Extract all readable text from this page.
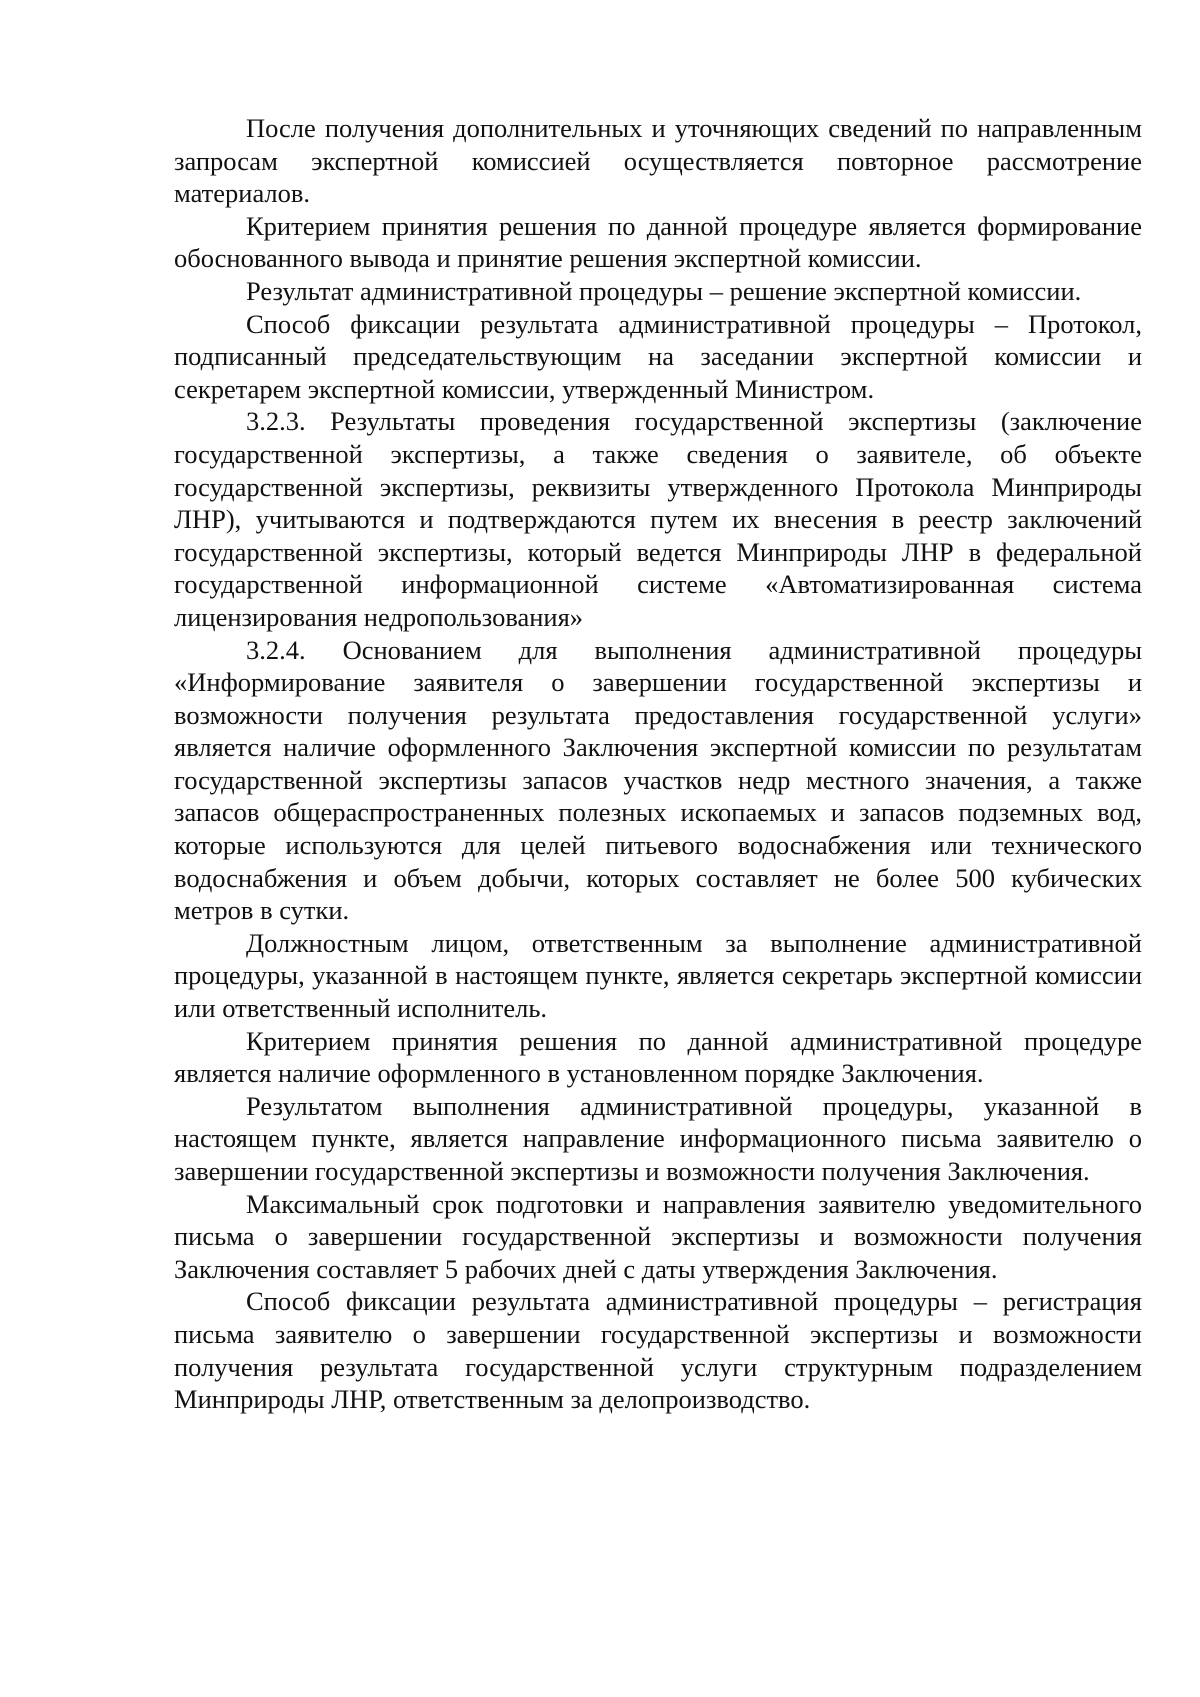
После получения дополнительных и уточняющих сведений по направленным запросам экспертной комиссией осуществляется повторное рассмотрение материалов.

Критерием принятия решения по данной процедуре является формирование обоснованного вывода и принятие решения экспертной комиссии.

Результат административной процедуры – решение экспертной комиссии.

Способ фиксации результата административной процедуры – Протокол, подписанный председательствующим на заседании экспертной комиссии и секретарем экспертной комиссии, утвержденный Министром.

3.2.3. Результаты проведения государственной экспертизы (заключение государственной экспертизы, а также сведения о заявителе, об объекте государственной экспертизы, реквизиты утвержденного Протокола Минприроды ЛНР), учитываются и подтверждаются путем их внесения в реестр заключений государственной экспертизы, который ведется Минприроды ЛНР в федеральной государственной информационной системе «Автоматизированная система лицензирования недропользования»

3.2.4. Основанием для выполнения административной процедуры «Информирование заявителя о завершении государственной экспертизы и возможности получения результата предоставления государственной услуги» является наличие оформленного Заключения экспертной комиссии по результатам государственной экспертизы запасов участков недр местного значения, а также запасов общераспространенных полезных ископаемых и запасов подземных вод, которые используются для целей питьевого водоснабжения или технического водоснабжения и объем добычи, которых составляет не более 500 кубических метров в сутки.

Должностным лицом, ответственным за выполнение административной процедуры, указанной в настоящем пункте, является секретарь экспертной комиссии или ответственный исполнитель.

Критерием принятия решения по данной административной процедуре является наличие оформленного в установленном порядке Заключения.

Результатом выполнения административной процедуры, указанной в настоящем пункте, является направление информационного письма заявителю о завершении государственной экспертизы и возможности получения Заключения.

Максимальный срок подготовки и направления заявителю уведомительного письма о завершении государственной экспертизы и возможности получения Заключения составляет 5 рабочих дней с даты утверждения Заключения.

Способ фиксации результата административной процедуры – регистрация письма заявителю о завершении государственной экспертизы и возможности получения результата государственной услуги структурным подразделением Минприроды ЛНР, ответственным за делопроизводство.
